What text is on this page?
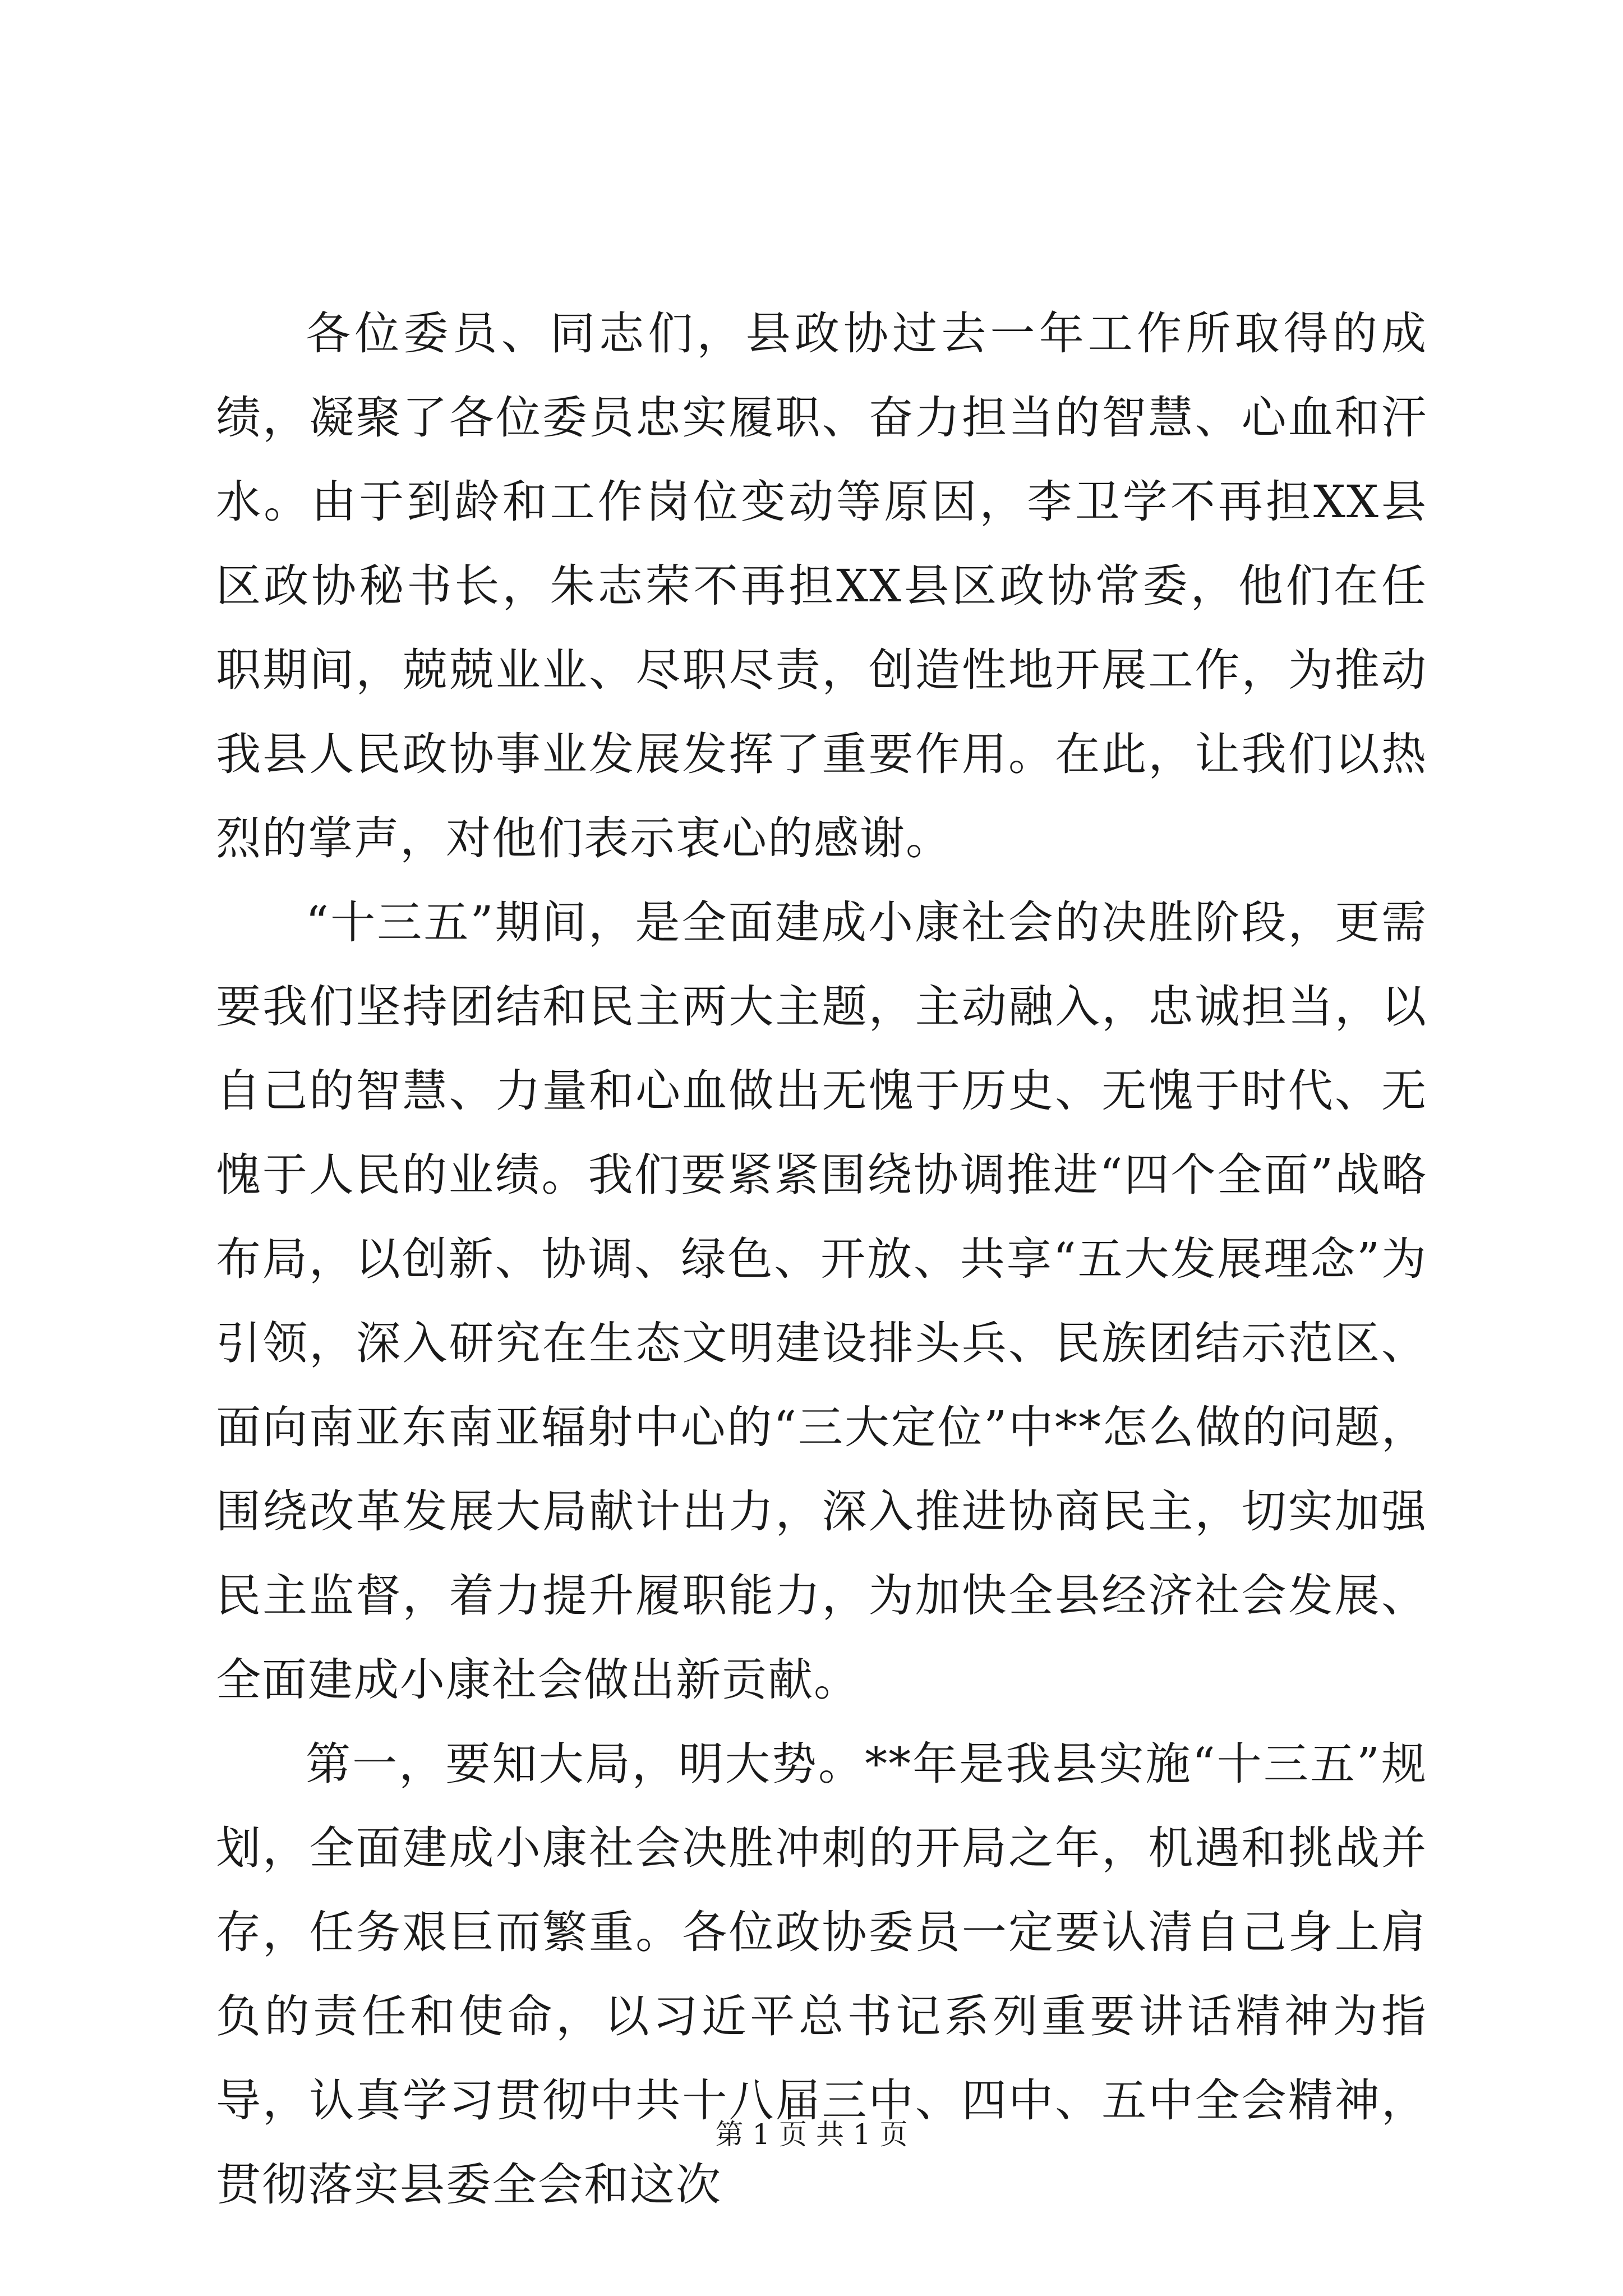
各位委员、同志们，县政协过去一年工作所取得的成绩，凝聚了各位委员忠实履职、奋力担当的智慧、心血和汗水。由于到龄和工作岗位变动等原因，李卫学不再担XX县区政协秘书长，朱志荣不再担XX县区政协常委，他们在任职期间，兢兢业业、尽职尽责，创造性地开展工作，为推动我县人民政协事业发展发挥了重要作用。在此，让我们以热烈的掌声，对他们表示衷心的感谢。

“十三五”期间，是全面建成小康社会的决胜阶段，更需要我们坚持团结和民主两大主题，主动融入，忠诚担当，以自己的智慧、力量和心血做出无愧于历史、无愧于时代、无愧于人民的业绩。我们要紧紧围绕协调推进“四个全面”战略布局，以创新、协调、绿色、开放、共享“五大发展理念”为引领，深入研究在生态文明建设排头兵、民族团结示范区、面向南亚东南亚辐射中心的“三大定位”中**怎么做的问题，围绕改革发展大局献计出力，深入推进协商民主，切实加强民主监督，着力提升履职能力，为加快全县经济社会发展、全面建成小康社会做出新贡献。

第一，要知大局，明大势。**年是我县实施“十三五”规划，全面建成小康社会决胜冲刺的开局之年，机遇和挑战并存，任务艰巨而繁重。各位政协委员一定要认清自己身上肩负的责任和使命，以习近平总书记系列重要讲话精神为指导，认真学习贯彻中共十八届三中、四中、五中全会精神，贯彻落实县委全会和这次

第 1 页 共 1 页
